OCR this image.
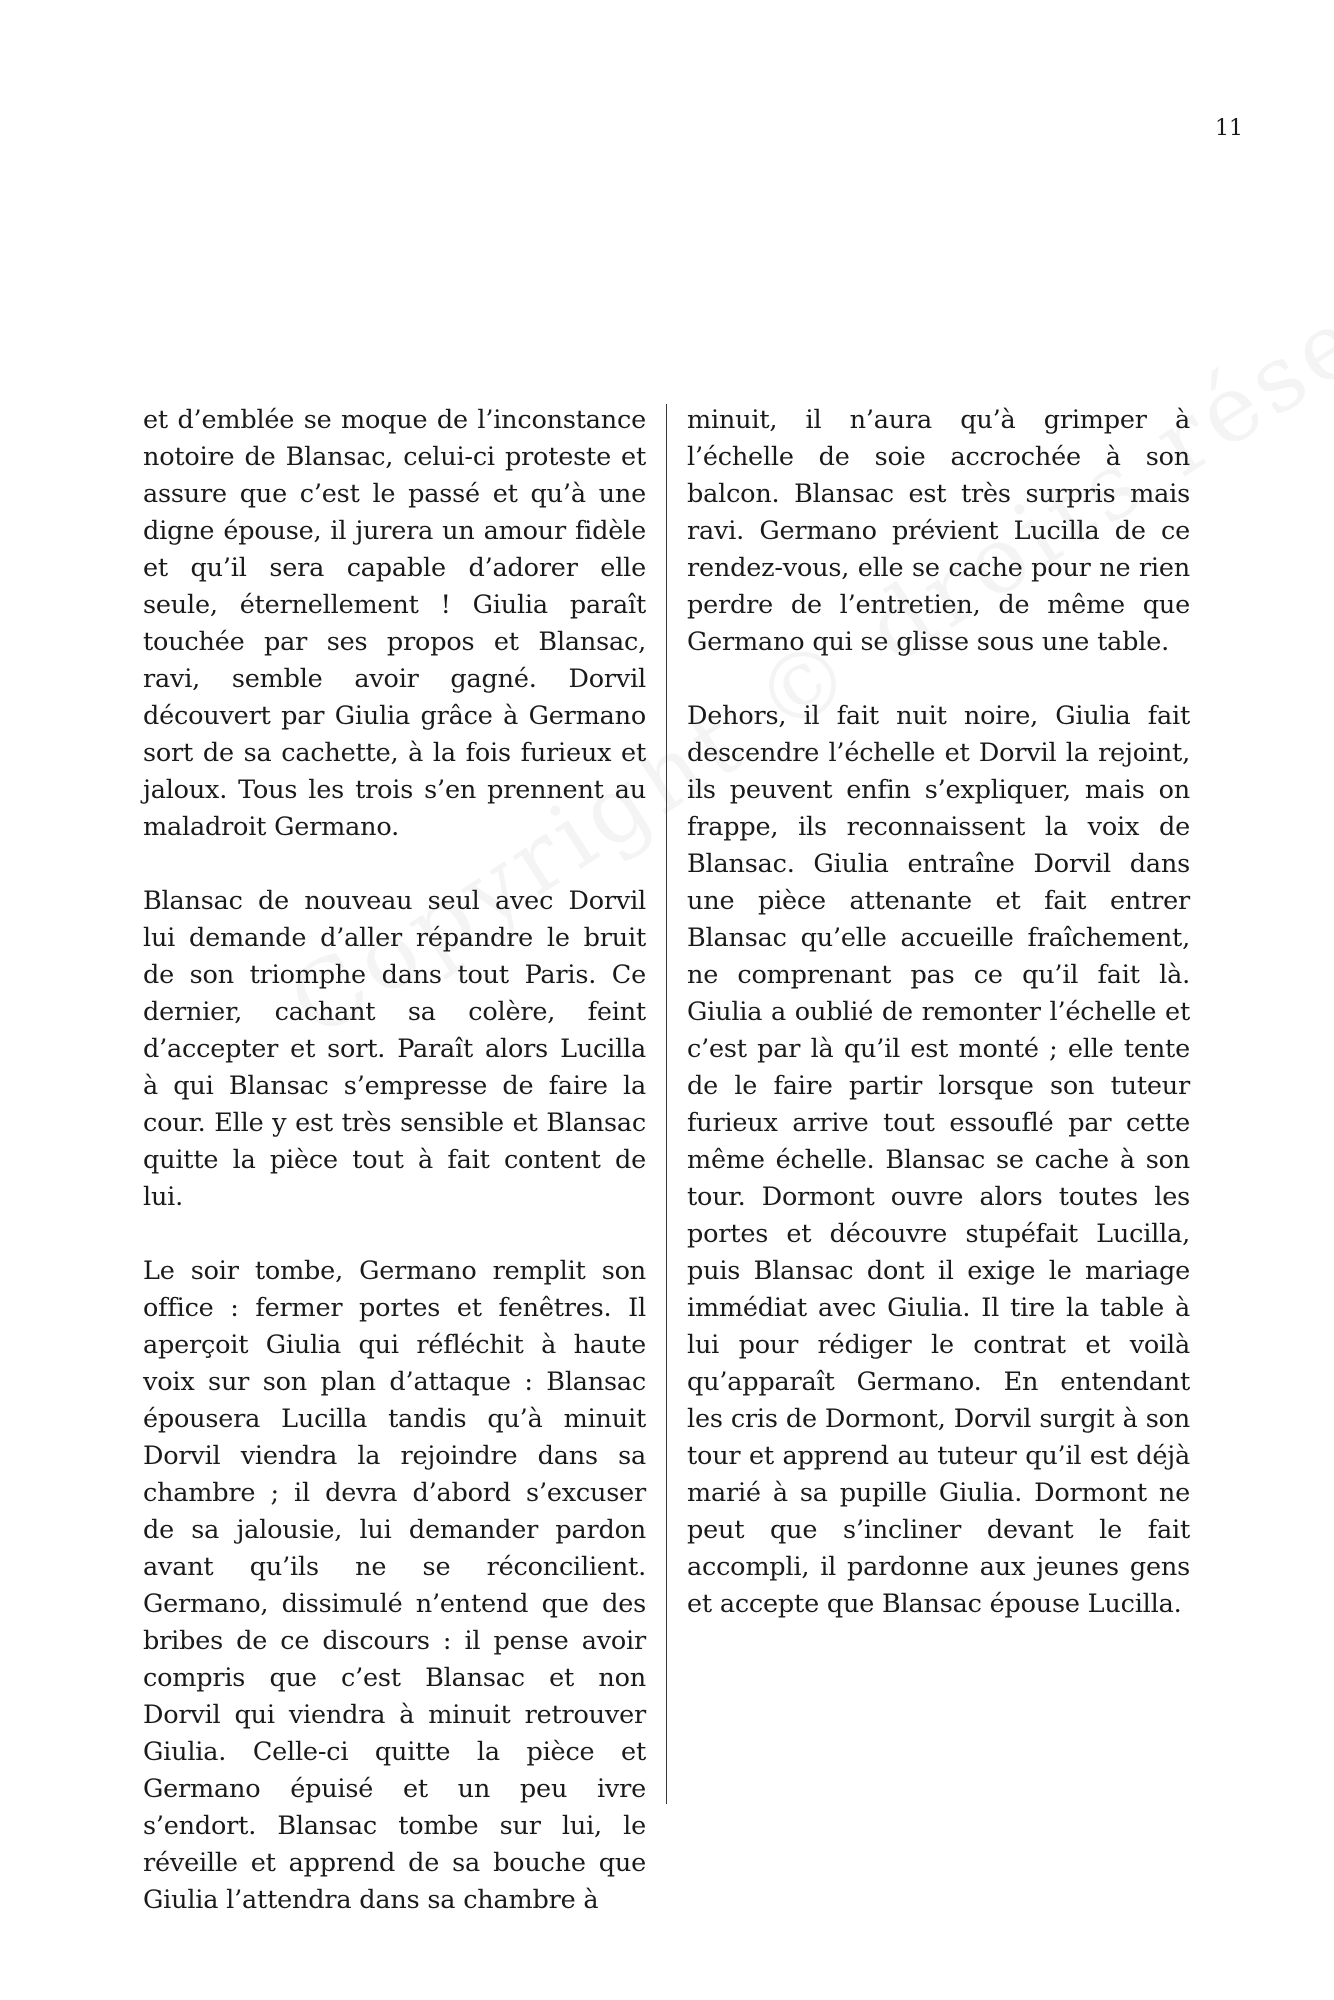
11

et d’emblée se moque de l’inconstance notoire de Blansac, celui-ci proteste et assure que c’est le passé et qu’à une digne épouse, il jurera un amour fidèle et qu’il sera capable d’adorer elle seule, éternellement ! Giulia paraît touchée par ses propos et Blansac, ravi, semble avoir gagné. Dorvil découvert par Giulia grâce à Germano sort de sa cachette, à la fois furieux et jaloux. Tous les trois s’en prennent au maladroit Germano.

Blansac de nouveau seul avec Dorvil lui demande d’aller répandre le bruit de son triomphe dans tout Paris. Ce dernier, cachant sa colère, feint d’accepter et sort. Paraît alors Lucilla à qui Blansac s’empresse de faire la cour. Elle y est très sensible et Blansac quitte la pièce tout à fait content de lui.

Le soir tombe, Germano remplit son office : fermer portes et fenêtres. Il aperçoit Giulia qui réfléchit à haute voix sur son plan d’attaque : Blansac épousera Lucilla tandis qu’à minuit Dorvil viendra la rejoindre dans sa chambre ; il devra d’abord s’excuser de sa jalousie, lui demander pardon avant qu’ils ne se réconcilient. Germano, dissimulé n’entend que des bribes de ce discours : il pense avoir compris que c’est Blansac et non Dorvil qui viendra à minuit retrouver Giulia. Celle-ci quitte la pièce et Germano épuisé et un peu ivre s’endort. Blansac tombe sur lui, le réveille et apprend de sa bouche que Giulia l’attendra dans sa chambre à

minuit, il n’aura qu’à grimper à l’échelle de soie accrochée à son balcon. Blansac est très surpris mais ravi. Germano prévient Lucilla de ce rendez-vous, elle se cache pour ne rien perdre de l’entretien, de même que Germano qui se glisse sous une table.

Dehors, il fait nuit noire, Giulia fait descendre l’échelle et Dorvil la rejoint, ils peuvent enfin s’expliquer, mais on frappe, ils reconnaissent la voix de Blansac. Giulia entraîne Dorvil dans une pièce attenante et fait entrer Blansac qu’elle accueille fraîchement, ne comprenant pas ce qu’il fait là. Giulia a oublié de remonter l’échelle et c’est par là qu’il est monté ; elle tente de le faire partir lorsque son tuteur furieux arrive tout essouflé par cette même échelle. Blansac se cache à son tour. Dormont ouvre alors toutes les portes et découvre stupéfait Lucilla, puis Blansac dont il exige le mariage immédiat avec Giulia. Il tire la table à lui pour rédiger le contrat et voilà qu’apparaît Germano. En entendant les cris de Dormont, Dorvil surgit à son tour et apprend au tuteur qu’il est déjà marié à sa pupille Giulia. Dormont ne peut que s’incliner devant le fait accompli, il pardonne aux jeunes gens et accepte que Blansac épouse Lucilla.
